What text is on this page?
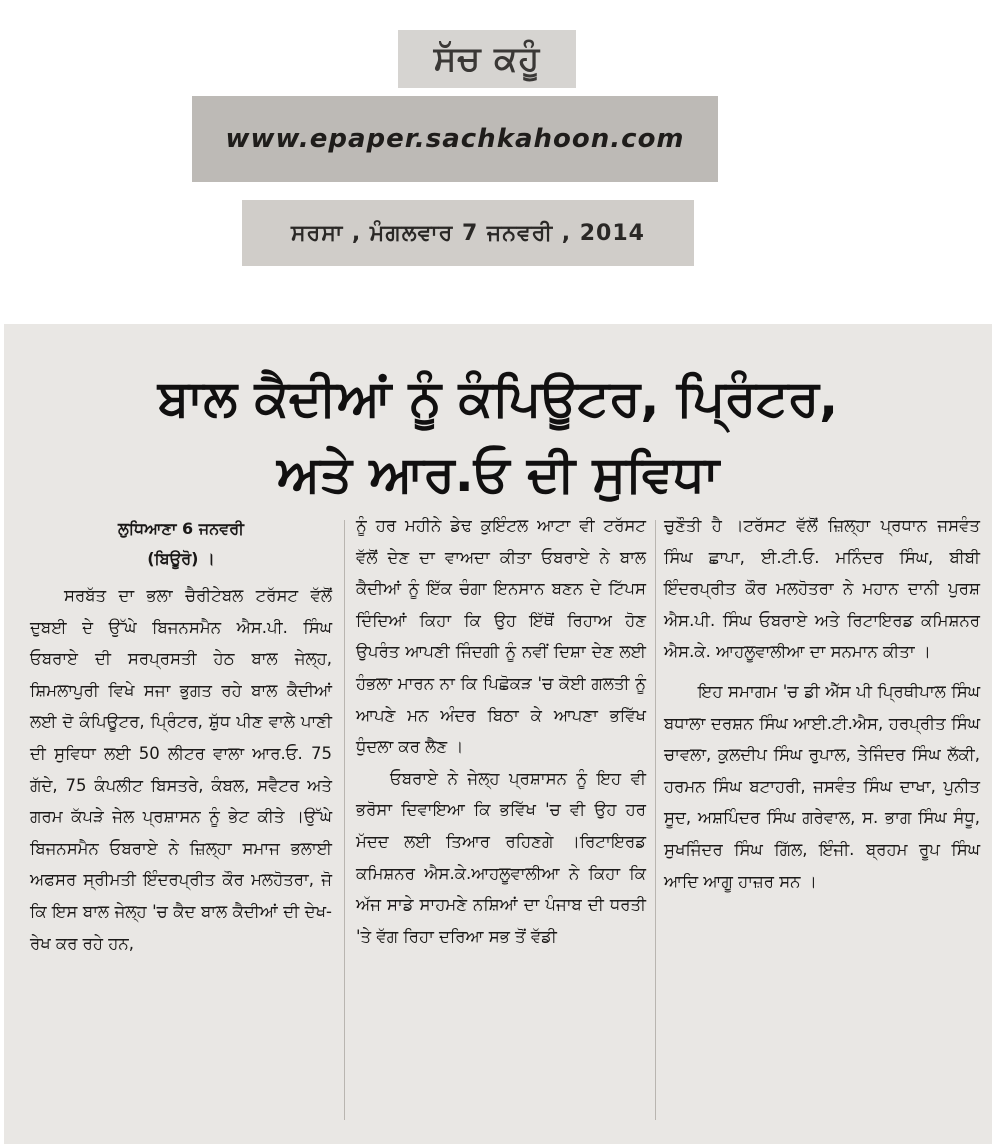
ਸੱਚ ਕਹੂੰ
www.epaper.sachkahoon.com
ਸਰਸਾ , ਮੰਗਲਵਾਰ 7 ਜਨਵਰੀ , 2014
ਬਾਲ ਕੈਦੀਆਂ ਨੂੰ ਕੰਪਿਊਟਰ, ਪ੍ਰਿੰਟਰ,
ਅਤੇ ਆਰ.ਓ ਦੀ ਸੁਵਿਧਾ
ਲੁਧਿਆਣਾ 6 ਜਨਵਰੀ
(ਬਿਊਰੋ) ।

ਸਰਬੱਤ ਦਾ ਭਲਾ ਚੈਰੀਟੇਬਲ ਟਰੱਸਟ ਵੱਲੋਂ ਦੁਬਈ ਦੇ ਉੱਘੇ ਬਿਜਨਸਮੈਨ ਐਸ.ਪੀ. ਸਿੰਘ ਓਬਰਾਏ ਦੀ ਸਰਪ੍ਰਸਤੀ ਹੇਠ ਬਾਲ ਜੇਲ੍ਹ, ਸ਼ਿਮਲਾਪੁਰੀ ਵਿਖੇ ਸਜਾ ਭੁਗਤ ਰਹੇ ਬਾਲ ਕੈਦੀਆਂ ਲਈ ਦੋ ਕੰਪਿਊਟਰ, ਪ੍ਰਿੰਟਰ, ਸ਼ੁੱਧ ਪੀਣ ਵਾਲੇ ਪਾਣੀ ਦੀ ਸੁਵਿਧਾ ਲਈ 50 ਲੀਟਰ ਵਾਲਾ ਆਰ.ਓ. 75 ਗੱਦੇ, 75 ਕੰਪਲੀਟ ਬਿਸਤਰੇ, ਕੰਬਲ, ਸਵੈਟਰ ਅਤੇ ਗਰਮ ਕੱਪੜੇ ਜੇਲ ਪ੍ਰਸ਼ਾਸਨ ਨੂੰ ਭੇਟ ਕੀਤੇ ।ਉੱਘੇ ਬਿਜਨਸਮੈਨ ਓਬਰਾਏ ਨੇ ਜ਼ਿਲ੍ਹਾ ਸਮਾਜ ਭਲਾਈ ਅਫਸਰ ਸ੍ਰੀਮਤੀ ਇੰਦਰਪ੍ਰੀਤ ਕੌਰ ਮਲਹੋਤਰਾ, ਜੋ ਕਿ ਇਸ ਬਾਲ ਜੇਲ੍ਹ 'ਚ ਕੈਦ ਬਾਲ ਕੈਦੀਆਂ ਦੀ ਦੇਖ-ਰੇਖ ਕਰ ਰਹੇ ਹਨ,

ਨੂੰ ਹਰ ਮਹੀਨੇ ਡੇਢ ਕੁਇੰਟਲ ਆਟਾ ਵੀ ਟਰੱਸਟ ਵੱਲੋਂ ਦੇਣ ਦਾ ਵਾਅਦਾ ਕੀਤਾ ਓਬਰਾਏ ਨੇ ਬਾਲ ਕੈਦੀਆਂ ਨੂੰ ਇੱਕ ਚੰਗਾ ਇਨਸਾਨ ਬਣਨ ਦੇ ਟਿੱਪਸ ਦਿੰਦਿਆਂ ਕਿਹਾ ਕਿ ਉਹ ਇੱਥੋਂ ਰਿਹਾਅ ਹੋਣ ਉਪਰੰਤ ਆਪਣੀ ਜਿੰਦਗੀ ਨੂੰ ਨਵੀਂ ਦਿਸ਼ਾ ਦੇਣ ਲਈ ਹੰਭਲਾ ਮਾਰਨ ਨਾ ਕਿ ਪਿਛੋਕੜ 'ਚ ਕੋਈ ਗਲਤੀ ਨੂੰ ਆਪਣੇ ਮਨ ਅੰਦਰ ਬਿਠਾ ਕੇ ਆਪਣਾ ਭਵਿੱਖ ਧੁੰਦਲਾ ਕਰ ਲੈਣ ।

ਓਬਰਾਏ ਨੇ ਜੇਲ੍ਹ ਪ੍ਰਸ਼ਾਸਨ ਨੂੰ ਇਹ ਵੀ ਭਰੋਸਾ ਦਿਵਾਇਆ ਕਿ ਭਵਿੱਖ 'ਚ ਵੀ ਉਹ ਹਰ ਮੱਦਦ ਲਈ ਤਿਆਰ ਰਹਿਣਗੇ ।ਰਿਟਾਇਰਡ ਕਮਿਸ਼ਨਰ ਐਸ.ਕੇ.ਆਹਲੂਵਾਲੀਆ ਨੇ ਕਿਹਾ ਕਿ ਅੱਜ ਸਾਡੇ ਸਾਹਮਣੇ ਨਸ਼ਿਆਂ ਦਾ ਪੰਜਾਬ ਦੀ ਧਰਤੀ 'ਤੇ ਵੱਗ ਰਿਹਾ ਦਰਿਆ ਸਭ ਤੋਂ ਵੱਡੀ

ਚੁਣੌਤੀ ਹੈ ।ਟਰੱਸਟ ਵੱਲੋਂ ਜ਼ਿਲ੍ਹਾ ਪ੍ਰਧਾਨ ਜਸਵੰਤ ਸਿੰਘ ਛਾਪਾ, ਈ.ਟੀ.ਓ. ਮਨਿੰਦਰ ਸਿੰਘ, ਬੀਬੀ ਇੰਦਰਪ੍ਰੀਤ ਕੌਰ ਮਲਹੋਤਰਾ ਨੇ ਮਹਾਨ ਦਾਨੀ ਪੁਰਸ਼ ਐਸ.ਪੀ. ਸਿੰਘ ਓਬਰਾਏ ਅਤੇ ਰਿਟਾਇਰਡ ਕਮਿਸ਼ਨਰ ਐਸ.ਕੇ. ਆਹਲੂਵਾਲੀਆ ਦਾ ਸਨਮਾਨ ਕੀਤਾ ।

ਇਹ ਸਮਾਗਮ 'ਚ ਡੀ ਐੱਸ ਪੀ ਪ੍ਰਿਥੀਪਾਲ ਸਿੰਘ ਬਧਾਲਾ ਦਰਸ਼ਨ ਸਿੰਘ ਆਈ.ਟੀ.ਐਸ, ਹਰਪ੍ਰੀਤ ਸਿੰਘ ਚਾਵਲਾ, ਕੁਲਦੀਪ ਸਿੰਘ ਰੁਪਾਲ, ਤੇਜਿੰਦਰ ਸਿੰਘ ਲੱਕੀ, ਹਰਮਨ ਸਿੰਘ ਬਟਾਹਰੀ, ਜਸਵੰਤ ਸਿੰਘ ਦਾਖਾ, ਪੁਨੀਤ ਸੂਦ, ਅਸ਼ਪਿੰਦਰ ਸਿੰਘ ਗਰੇਵਾਲ, ਸ. ਭਾਗ ਸਿੰਘ ਸੰਧੂ, ਸੁਖਜਿੰਦਰ ਸਿੰਘ ਗਿੱਲ, ਇੰਜੀ. ਬ੍ਰਹਮ ਰੂਪ ਸਿੰਘ ਆਦਿ ਆਗੂ ਹਾਜ਼ਰ ਸਨ ।
